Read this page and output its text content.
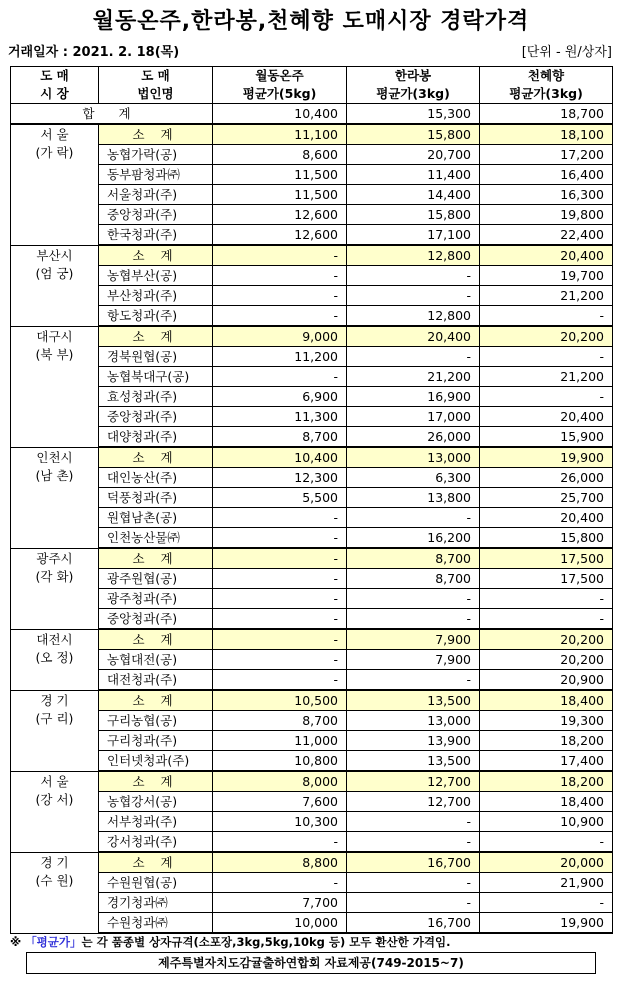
월동온주,한라봉,천혜향 도매시장 경락가격
거래일자 : 2021. 2. 18(목)	[단위 - 원/상자]
도 매	도 매	월동온주	한라봉	천혜향
시 장	법인명	평균가(5kg)	평균가(3kg)	평균가(3kg)
합 계		10,400	15,300	18,700

서 울
(가 락)	소 계	11,100	15,800	18,100
	농협가락(공)	8,600	20,700	17,200
	동부팜청과㈜	11,500	11,400	16,400
	서울청과(주)	11,500	14,400	16,300
	중앙청과(주)	12,600	15,800	19,800
	한국청과(주)	12,600	17,100	22,400

부산시
(엄 궁)	소 계	-	12,800	20,400
	농협부산(공)	-	-	19,700
	부산청과(주)	-	-	21,200
	항도청과(주)	-	12,800	-

대구시
(북 부)	소 계	9,000	20,400	20,200
	경북원협(공)	11,200	-	-
	농협북대구(공)	-	21,200	21,200
	효성청과(주)	6,900	16,900	-
	중앙청과(주)	11,300	17,000	20,400
	대양청과(주)	8,700	26,000	15,900

인천시
(남 촌)	소 계	10,400	13,000	19,900
	대인농산(주)	12,300	6,300	26,000
	덕풍청과(주)	5,500	13,800	25,700
	원협남촌(공)	-	-	20,400
	인천농산물㈜	-	16,200	15,800

광주시
(각 화)	소 계	-	8,700	17,500
	광주원협(공)	-	8,700	17,500
	광주청과(주)	-	-	-
	중앙청과(주)	-	-	-

대전시
(오 정)	소 계	-	7,900	20,200
	농협대전(공)	-	7,900	20,200
	대전청과(주)	-	-	20,900

경 기
(구 리)	소 계	10,500	13,500	18,400
	구리농협(공)	8,700	13,000	19,300
	구리청과(주)	11,000	13,900	18,200
	인터넷청과(주)	10,800	13,500	17,400

서 울
(강 서)	소 계	8,000	12,700	18,200
	농협강서(공)	7,600	12,700	18,400
	서부청과(주)	10,300	-	10,900
	강서청과(주)	-	-	-

경 기
(수 원)	소 계	8,800	16,700	20,000
	수원원협(공)	-	-	21,900
	경기청과㈜	7,700	-	-
	수원청과㈜	10,000	16,700	19,900
※ 「평균가」는 각 품종별 상자규격(소포장,3kg,5kg,10kg 등) 모두 환산한 가격임.
제주특별자치도감귤출하연합회 자료제공(749-2015~7)
